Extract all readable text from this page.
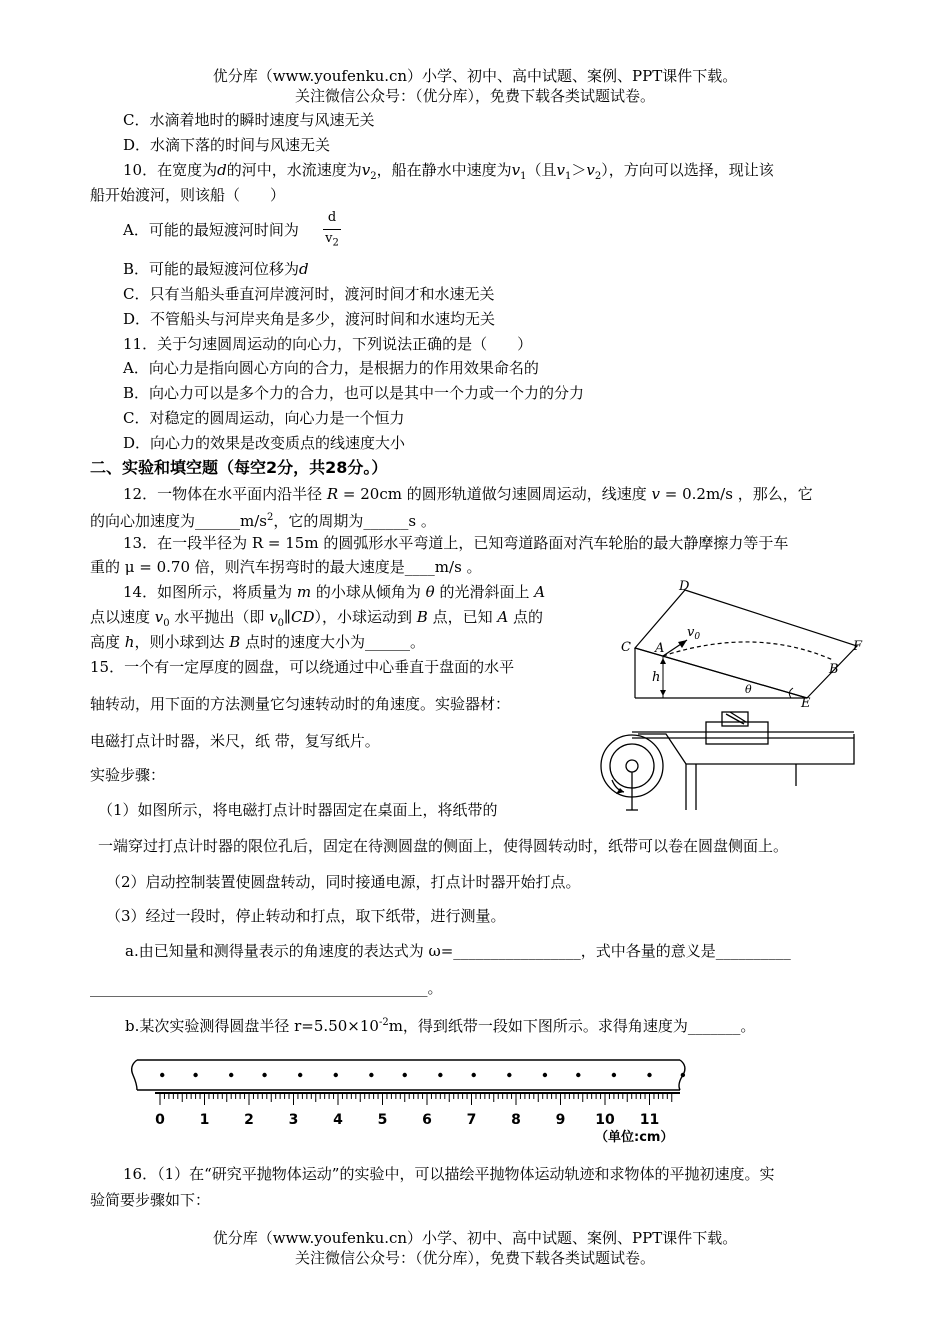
优分库（www.youfenku.cn）小学、初中、高中试题、案例、PPT课件下载。
关注微信公众号：（优分库），免费下载各类试题试卷。
C．水滴着地时的瞬时速度与风速无关
D．水滴下落的时间与风速无关
10．在宽度为d的河中，水流速度为$v_2$，船在静水中速度为$v_1$（且$v_1>v_2$），方向可以选择，现让该
船开始渡河，则该船（　　）
A．可能的最短渡河时间为
d
$v_2$
B．可能的最短渡河位移为d
C．只有当船头垂直河岸渡河时，渡河时间才和水速无关
D．不管船头与河岸夹角是多少，渡河时间和水速均无关
11．关于匀速圆周运动的向心力，下列说法正确的是（　　）
A．向心力是指向圆心方向的合力，是根据力的作用效果命名的
B．向心力可以是多个力的合力，也可以是其中一个力或一个力的分力
C．对稳定的圆周运动，向心力是一个恒力
D．向心力的效果是改变质点的线速度大小
二、实验和填空题（每空2分，共28分。）
12．一物体在水平面内沿半径 R = 20cm 的圆形轨道做匀速圆周运动，线速度 v = 0.2m/s ，那么，它
的向心加速度为$\_\_\_\_\_\_m/s^2$，它的周期为______s 。
13．在一段半径为 R = 15m 的圆弧形水平弯道上，已知弯道路面对汽车轮胎的最大静摩擦力等于车
重的 μ = 0.70 倍，则汽车拐弯时的最大速度是____m/s 。
14．如图所示，将质量为 m 的小球从倾角为 θ 的光滑斜面上 A
点以速度 $v_0$ 水平抛出（即 $v_0\parallel CD$），小球运动到 B 点，已知 A 点的
高度 h，则小球到达 B 点时的速度大小为______。
D
C A	F
B
E
h
θ
$v_0$
15．一个有一定厚度的圆盘，可以绕通过中心垂直于盘面的水平
轴转动，用下面的方法测量它匀速转动时的角速度。实验器材：
电磁打点计时器，米尺，纸 带，复写纸片。
实验步骤：
（1）如图所示，将电磁打点计时器固定在桌面上，将纸带的
一端穿过打点计时器的限位孔后，固定在待测圆盘的侧面上，使得圆转动时，纸带可以卷在圆盘侧面上。
（2）启动控制装置使圆盘转动，同时接通电源，打点计时器开始打点。
（3）经过一段时，停止转动和打点，取下纸带，进行测量。
a.由已知量和测得量表示的角速度的表达式为 ω=_________________，式中各量的意义是__________
_____________________________________________。
b.某次实验测得圆盘半径 $r=5.50\times 10^{-2}m$，得到纸带一段如下图所示。求得角速度为_______。
0 1 2 3 4 5 6 7 8 9 10 11
（单位:cm）
16．（1）在“研究平抛物体运动”的实验中，可以描绘平抛物体运动轨迹和求物体的平抛初速度。实
验简要步骤如下：
优分库（www.youfenku.cn）小学、初中、高中试题、案例、PPT课件下载。
关注微信公众号：（优分库），免费下载各类试题试卷。
